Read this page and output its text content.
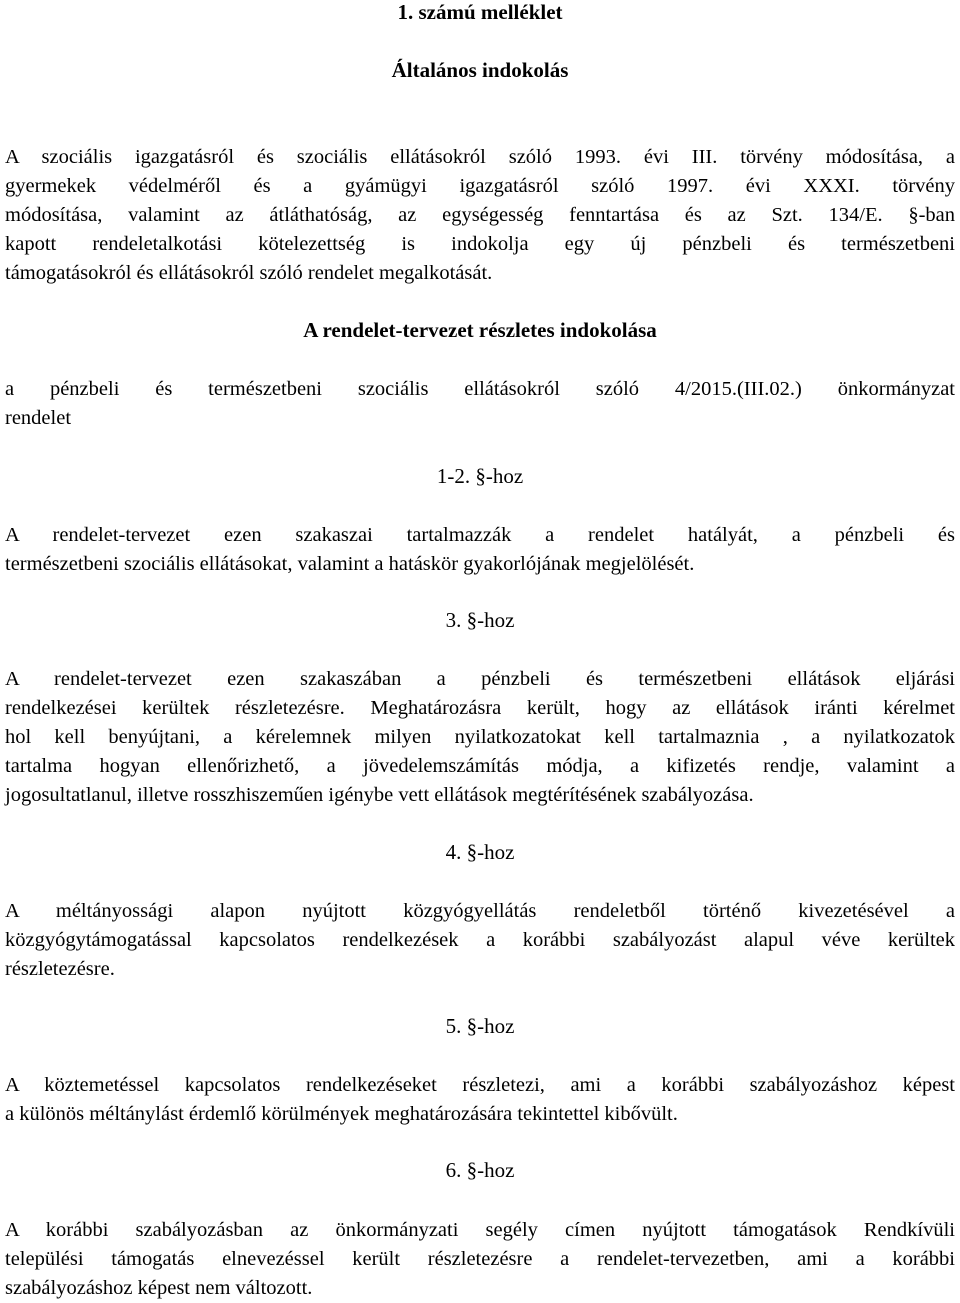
1. számú melléklet
Általános indokolás
A szociális igazgatásról és szociális ellátásokról szóló 1993. évi III. törvény módosítása, a
gyermekek védelméről és a gyámügyi igazgatásról szóló 1997. évi XXXI. törvény
módosítása, valamint az átláthatóság, az egységesség fenntartása és az Szt. 134/E. §-ban
kapott rendeletalkotási kötelezettség is indokolja egy új pénzbeli és természetbeni
támogatásokról és ellátásokról szóló rendelet megalkotását.
A rendelet-tervezet részletes indokolása
a pénzbeli és természetbeni szociális ellátásokról szóló 4/2015.(III.02.) önkormányzat
rendelet
1-2. §-hoz
A rendelet-tervezet ezen szakaszai tartalmazzák a rendelet hatályát, a pénzbeli és
természetbeni szociális ellátásokat, valamint a hatáskör gyakorlójának megjelölését.
3. §-hoz
A rendelet-tervezet ezen szakaszában a pénzbeli és természetbeni ellátások eljárási
rendelkezései kerültek részletezésre. Meghatározásra került, hogy az ellátások iránti kérelmet
hol kell benyújtani, a kérelemnek milyen nyilatkozatokat kell tartalmaznia , a nyilatkozatok
tartalma hogyan ellenőrizhető, a jövedelemszámítás módja, a kifizetés rendje, valamint a
jogosultatlanul, illetve rosszhiszeműen igénybe vett ellátások megtérítésének szabályozása.
4. §-hoz
A méltányossági alapon nyújtott közgyógyellátás rendeletből történő kivezetésével a
közgyógytámogatással kapcsolatos rendelkezések a korábbi szabályozást alapul véve kerültek
részletezésre.
5. §-hoz
A köztemetéssel kapcsolatos rendelkezéseket részletezi, ami a korábbi szabályozáshoz képest
a különös méltánylást érdemlő körülmények meghatározására tekintettel kibővült.
6. §-hoz
A korábbi szabályozásban az önkormányzati segély címen nyújtott támogatások Rendkívüli
települési támogatás elnevezéssel került részletezésre a rendelet-tervezetben, ami a korábbi
szabályozáshoz képest nem változott.
